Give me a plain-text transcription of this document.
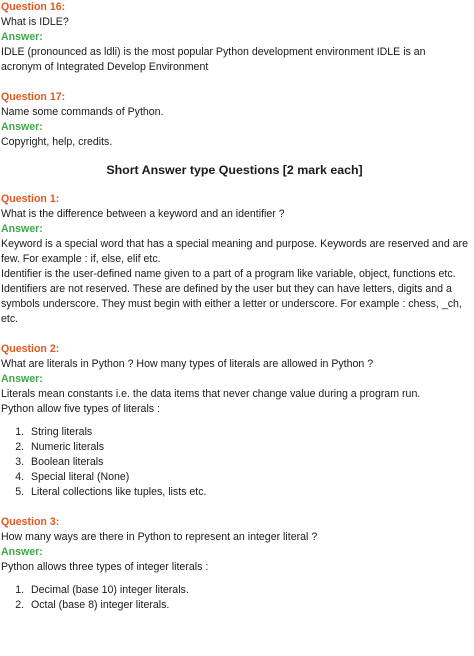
Question 16:
What is IDLE?
Answer:
IDLE (pronounced as ldli) is the most popular Python development environment IDLE is an acronym of Integrated Develop Environment
Question 17:
Name some commands of Python.
Answer:
Copyright, help, credits.
Short Answer type Questions [2 mark each]
Question 1:
What is the difference between a keyword and an identifier ?
Answer:
Keyword is a special word that has a special meaning and purpose. Keywords are reserved and are few. For example : if, else, elif etc.
Identifier is the user-defined name given to a part of a program like variable, object, functions etc. Identifiers are not reserved. These are defined by the user but they can have letters, digits and a symbols underscore. They must begin with either a letter or underscore. For example : chess, _ch, etc.
Question 2:
What are literals in Python ? How many types of literals are allowed in Python ?
Answer:
Literals mean constants i.e. the data items that never change value during a program run.
Python allow five types of literals :
1. String literals
2. Numeric literals
3. Boolean literals
4. Special literal (None)
5. Literal collections like tuples, lists etc.
Question 3:
How many ways are there in Python to represent an integer literal ?
Answer:
Python allows three types of integer literals :
1. Decimal (base 10) integer literals.
2. Octal (base 8) integer literals.
